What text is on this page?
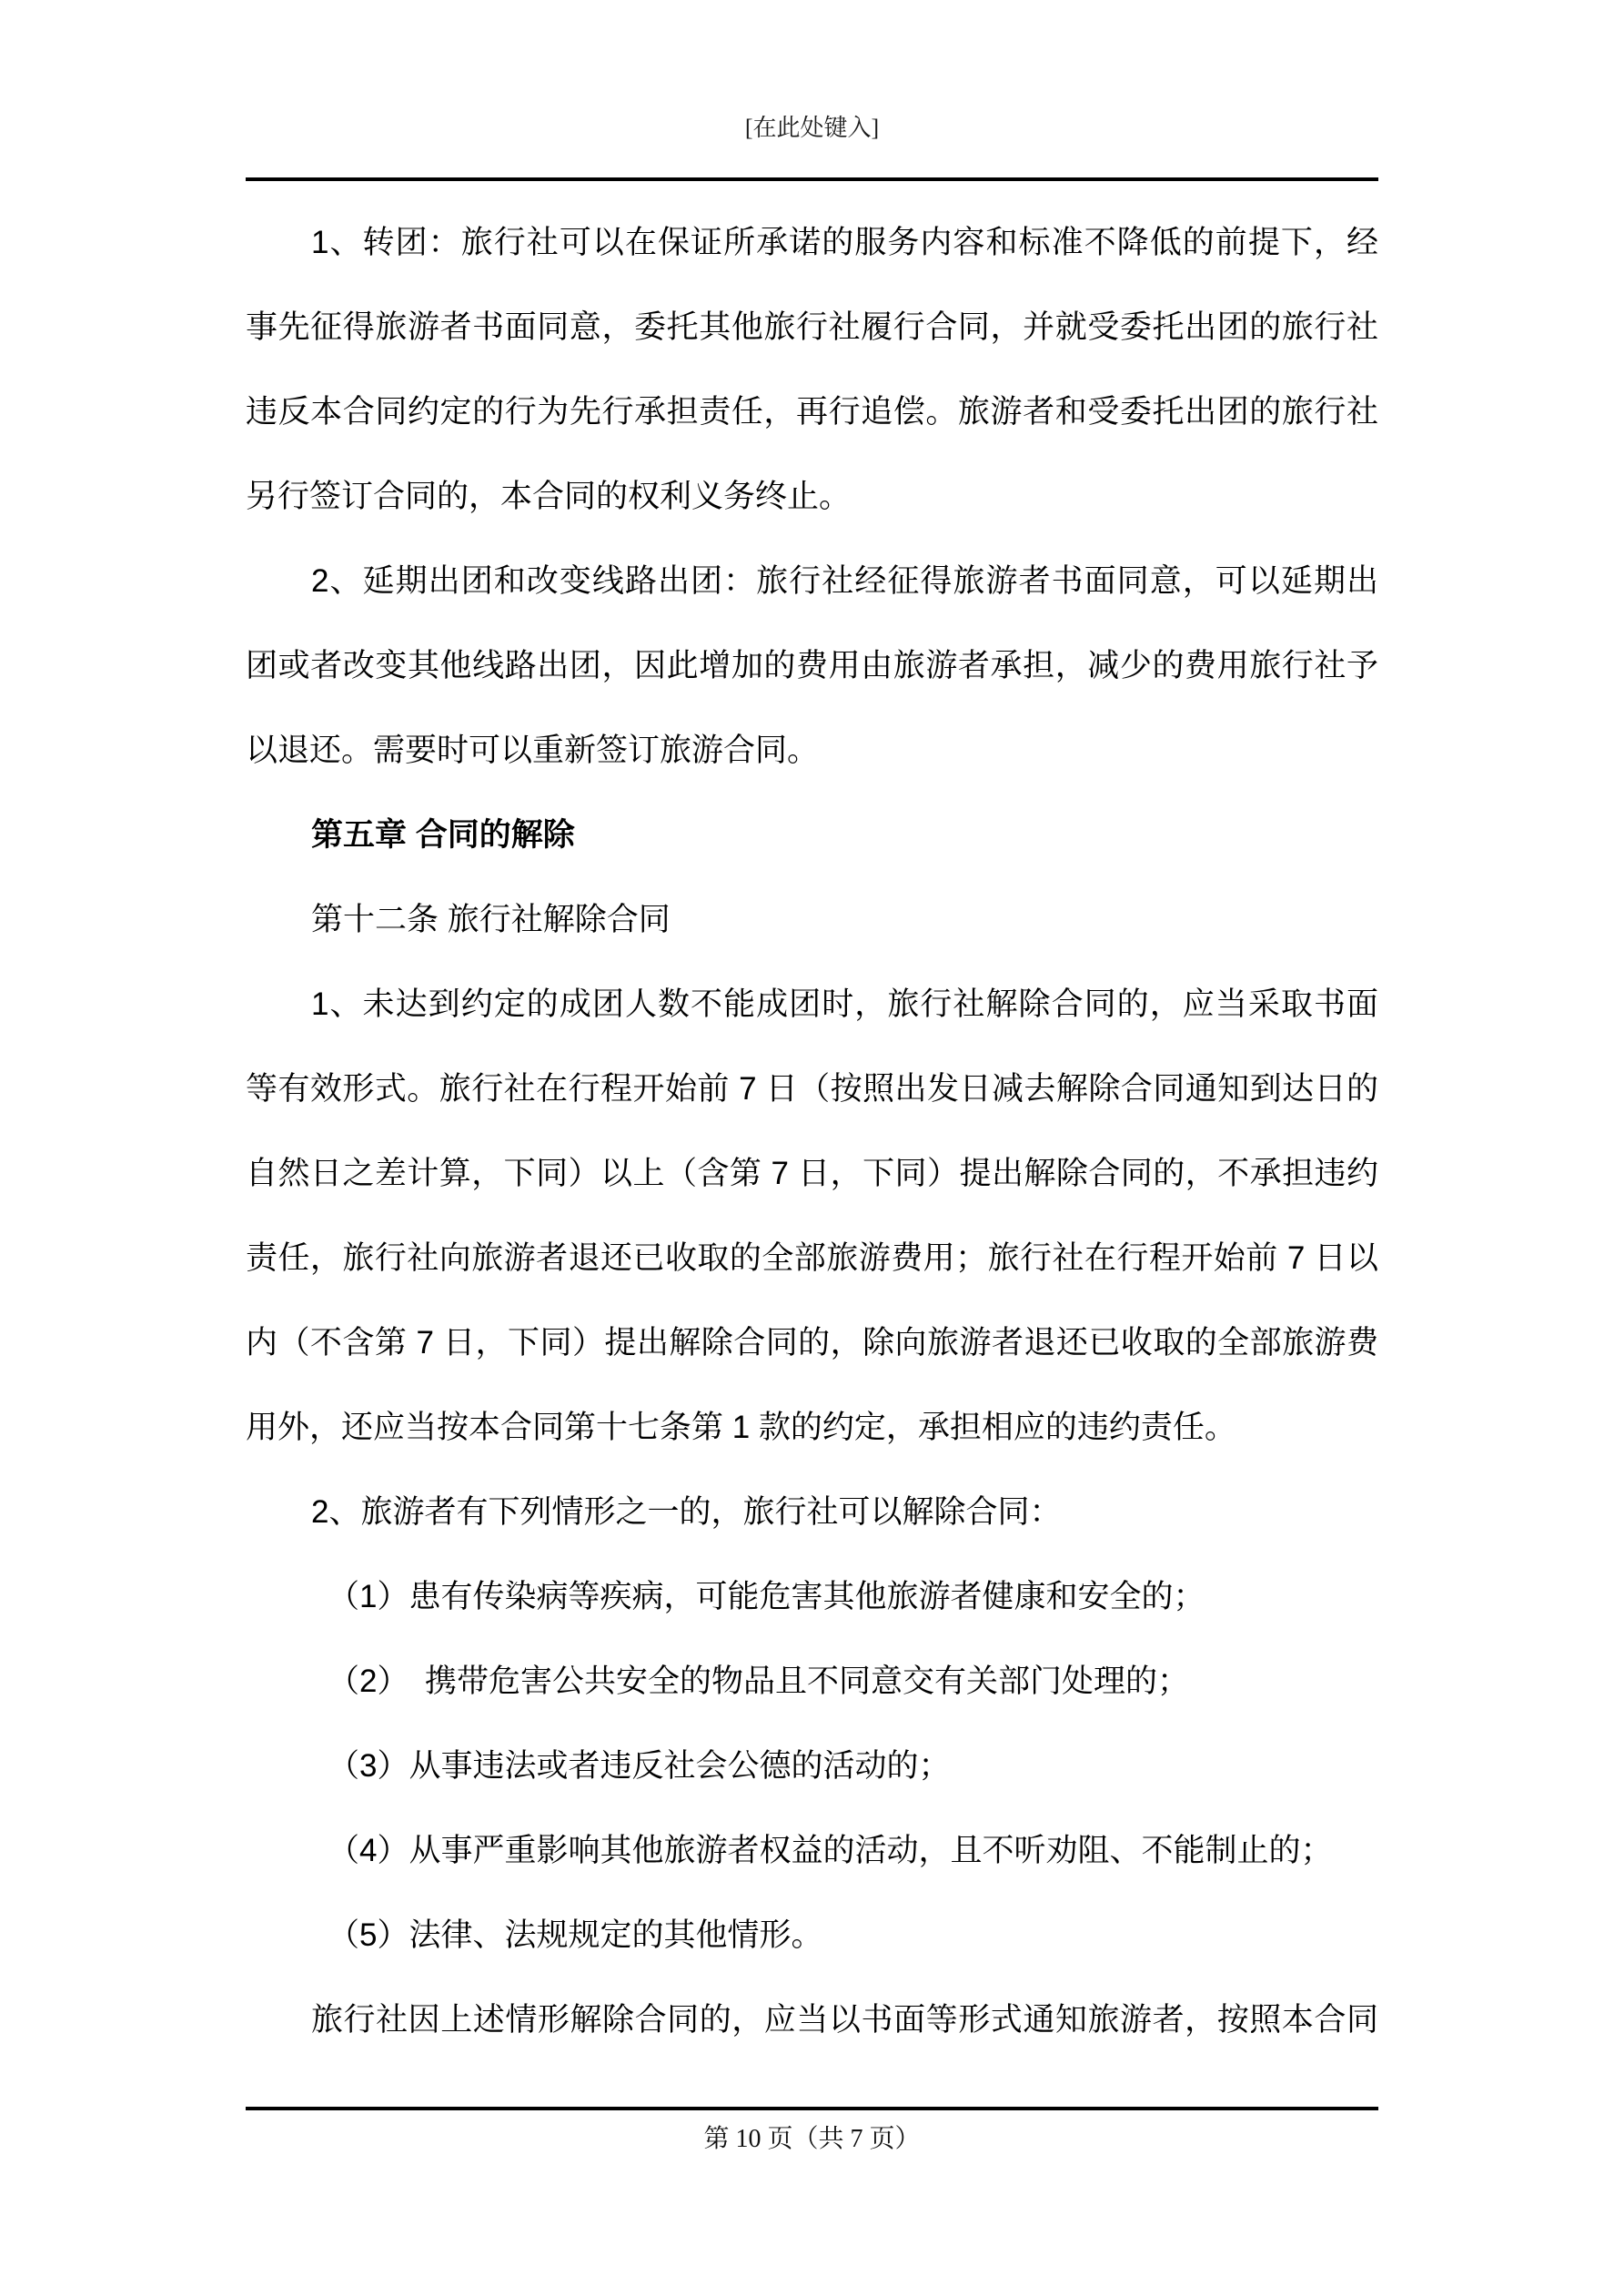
[在此处键入]
1、转团：旅行社可以在保证所承诺的服务内容和标准不降低的前提下，经
事先征得旅游者书面同意，委托其他旅行社履行合同，并就受委托出团的旅行社
违反本合同约定的行为先行承担责任，再行追偿。旅游者和受委托出团的旅行社
另行签订合同的，本合同的权利义务终止。
2、延期出团和改变线路出团：旅行社经征得旅游者书面同意，可以延期出
团或者改变其他线路出团，因此增加的费用由旅游者承担，减少的费用旅行社予
以退还。需要时可以重新签订旅游合同。
第五章 合同的解除
第十二条 旅行社解除合同
1、未达到约定的成团人数不能成团时，旅行社解除合同的，应当采取书面
等有效形式。旅行社在行程开始前 7 日（按照出发日减去解除合同通知到达日的
自然日之差计算，下同）以上（含第 7 日，下同）提出解除合同的，不承担违约
责任，旅行社向旅游者退还已收取的全部旅游费用；旅行社在行程开始前 7 日以
内（不含第 7 日，下同）提出解除合同的，除向旅游者退还已收取的全部旅游费
用外，还应当按本合同第十七条第 1 款的约定，承担相应的违约责任。
2、旅游者有下列情形之一的，旅行社可以解除合同：
（1）患有传染病等疾病，可能危害其他旅游者健康和安全的；
（2）　携带危害公共安全的物品且不同意交有关部门处理的；
（3）从事违法或者违反社会公德的活动的；
（4）从事严重影响其他旅游者权益的活动，且不听劝阻、不能制止的；
（5）法律、法规规定的其他情形。
旅行社因上述情形解除合同的，应当以书面等形式通知旅游者，按照本合同
第 10 页（共 7 页）
